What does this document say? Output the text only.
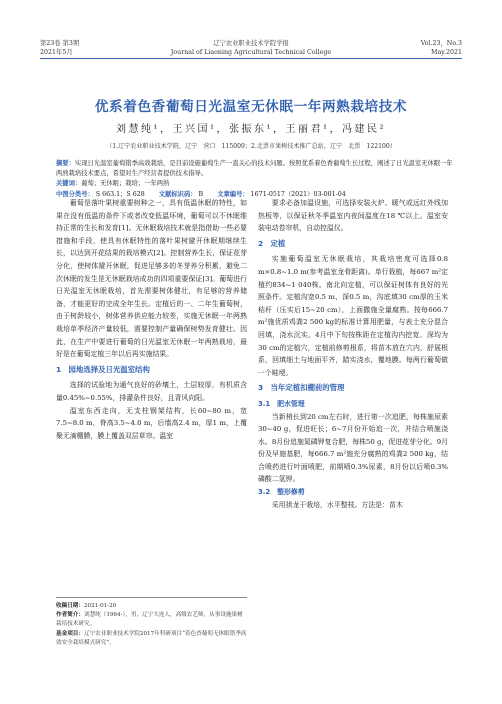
第23卷 第3期	辽宁农业职业技术学院学报	Vol.23，No.3
2021年5月	Journal of Liaoning Agricultural Technical College	May.2021
优系着色香葡萄日光温室无休眠一年两熟栽培技术
刘慧纯¹，王兴国¹，张振东¹，王丽君¹，冯建民²
（1.辽宁农业职业技术学院，辽宁　营口　115009；2.北票市果树技术推广总站，辽宁　北票　122100）
摘要：实现日光温室葡萄错季高效栽培，是目前设施葡萄生产一直关心的技术问题。按照优系着色香葡萄生长过程，阐述了日光温室无休眠一年两熟栽培技术要点，希望对生产经营者提供技术指导。
关键词：葡萄；无休眠；栽培；一年两熟
中图分类号： S 663.1；S 628 文献标识码： B 文章编号： 1671-0517（2021）03-001-04

葡萄是落叶果树重要树种之一，具有低温休眠的特性，如果在没有低温的条件下或者改变低温环境，葡萄可以不休眠维持正常的生长和发育[1]。无休眠栽培技术就是指借助一些必要措施和手段，使具有休眠特性的落叶果树避开休眠期继续生长，以达到开花结果的栽培模式[2]。控制营养生长，保证花芽分化，使树体避开休眠，促进足够多的冬芽养分积累，避免二次休眠的发生是无休眠栽培成功的四项重要保证[3]。葡萄进行日光温室无休眠栽培，首先需要树体健壮，有足够的营养储备，才能更好的完成全年生长。定植后的一、二年生葡萄树，由于树龄较小，树体营养供应能力较差，实施无休眠一年两熟栽培单季经济产量较低，需要控制产量确保树势发育健壮。因此，在生产中要进行葡萄的日光温室无休眠一年两熟栽培，最好是在葡萄定植三年以后再实施结果。

1　园地选择及日光温室结构

选择的试验地为通气良好的砂壤土，土层较厚，有机质含量0.45%~0.55%，排灌条件良好，且背风向阳。

温室东西走向，无支柱钢架结构，长60~80 m，宽7.5~8.0 m，脊高3.5~4.0 m，后墙高2.4 m，厚1 m，上覆聚无滴棚膜，膜上覆盖双层草帘。温室

要求必备加温设施，可选择安装火炉、暖气或远红外线加热板等，以保证秋冬季温室内夜间温度在18 ℃以上。温室安装电动卷帘机，自动控温仪。

2　定植

实施葡萄温室无休眠栽培，其栽培密度可选择0.8 m×0.8~1.0 m(参考温室龙骨距离)。单行栽植，每667 m²定植约834~1 040株。南北向定植，可以保证树体有良好的光照条件。定植沟宽0.5 m，深0.5 m，沟底填30 cm厚的玉米秸秆（压实后15~20 cm），上面撒施全量腐熟。按每666.7 m²施优质鸡粪2 500 kg的标准计算用肥量，与表土充分混合回填，浇水沉实。4月中下旬按株距在定植沟内挖宽、深均为30 cm的定植穴，定植前修剪根系，将苗木放在穴内，舒展根系，回填细土与地面平齐，踏实浇水，覆地膜。每两行葡萄做一个畦埂。

3　当年定植扣棚前的管理

3.1　肥水管理

当新梢长到20 cm左右时，进行第一次追肥，每株施尿素30~40 g，促进旺长；6~7月份开始追一次，并结合喷施浇水。8月份追施氮磷钾复合肥，每株50 g，促进花芽分化。9月份及早施基肥，每666.7 m²施充分腐熟的鸡粪2 500 kg，结合喷药进行叶面喷肥，前期喷0.3%尿素，8月份以后喷0.3%磷酸二氢钾。

3.2　整形修剪

采用拱龙干栽培，水平整枝。方法是：苗木

收稿日期：2021-01-20
作者简介：刘慧纯（1964-），男，辽宁大连人，高级农艺师，从事设施果树栽培技术研究。
基金项目：辽宁农业职业技术学院2017年科研项目“着色香葡萄无休眠错季高效安全栽培模式研究”。
